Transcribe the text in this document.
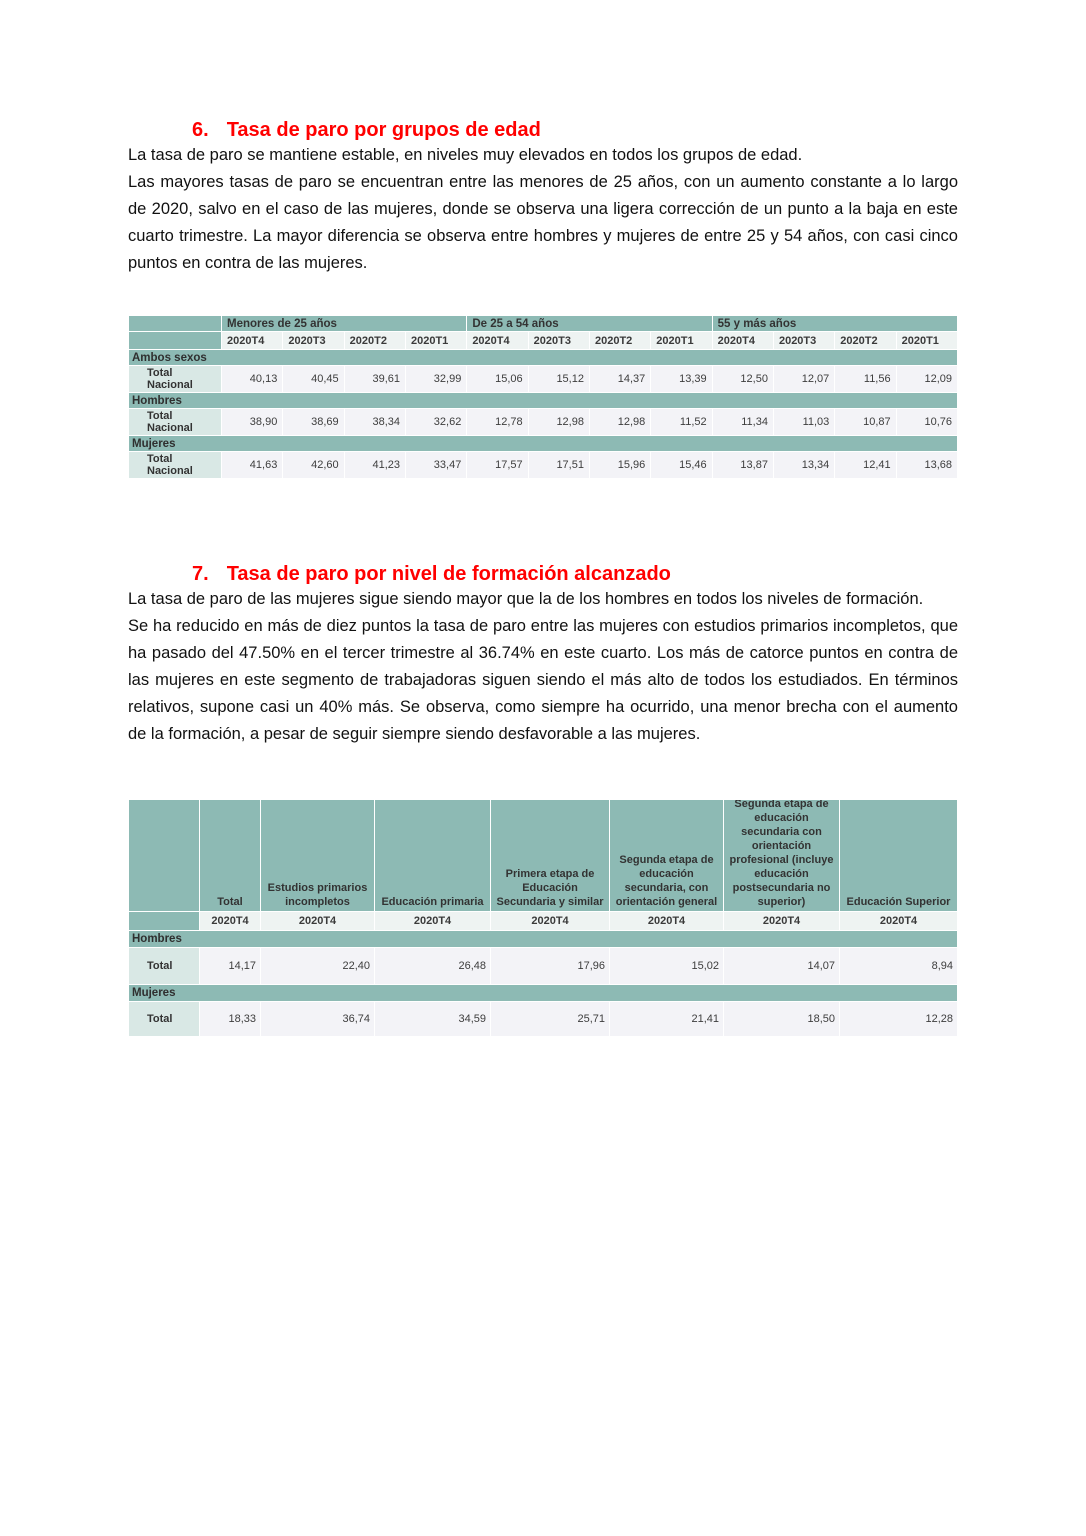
6. Tasa de paro por grupos de edad

La tasa de paro se mantiene estable, en niveles muy elevados en todos los grupos de edad.

Las mayores tasas de paro se encuentran entre las menores de 25 años, con un aumento constante a lo largo de 2020, salvo en el caso de las mujeres, donde se observa una ligera corrección de un punto a la baja en este cuarto trimestre. La mayor diferencia se observa entre hombres y mujeres de entre 25 y 54 años, con casi cinco puntos en contra de las mujeres.

	Menores de 25 años				De 25 a 54 años				55 y más años			
	2020T4	2020T3	2020T2	2020T1	2020T4	2020T3	2020T2	2020T1	2020T4	2020T3	2020T2	2020T1
Ambos sexos												
Total Nacional	40,13	40,45	39,61	32,99	15,06	15,12	14,37	13,39	12,50	12,07	11,56	12,09
Hombres												
Total Nacional	38,90	38,69	38,34	32,62	12,78	12,98	12,98	11,52	11,34	11,03	10,87	10,76
Mujeres												
Total Nacional	41,63	42,60	41,23	33,47	17,57	17,51	15,96	15,46	13,87	13,34	12,41	13,68
7. Tasa de paro por nivel de formación alcanzado

La tasa de paro de las mujeres sigue siendo mayor que la de los hombres en todos los niveles de formación.

Se ha reducido en más de diez puntos la tasa de paro entre las mujeres con estudios primarios incompletos, que ha pasado del 47.50% en el tercer trimestre al 36.74% en este cuarto. Los más de catorce puntos en contra de las mujeres en este segmento de trabajadoras siguen siendo el más alto de todos los estudiados. En términos relativos, supone casi un 40% más. Se observa, como siempre ha ocurrido, una menor brecha con el aumento de la formación, a pesar de seguir siempre siendo desfavorable a las mujeres.

	Total	Estudios primarios incompletos	Educación primaria	Primera etapa de Educación Secundaria y similar	Segunda etapa de educación secundaria, con orientación general	Segunda etapa de educación secundaria con orientación profesional (incluye educación postsecundaria no superior)	Educación Superior
	2020T4	2020T4	2020T4	2020T4	2020T4	2020T4	2020T4
Hombres							
Total	14,17	22,40	26,48	17,96	15,02	14,07	8,94
Mujeres							
Total	18,33	36,74	34,59	25,71	21,41	18,50	12,28
